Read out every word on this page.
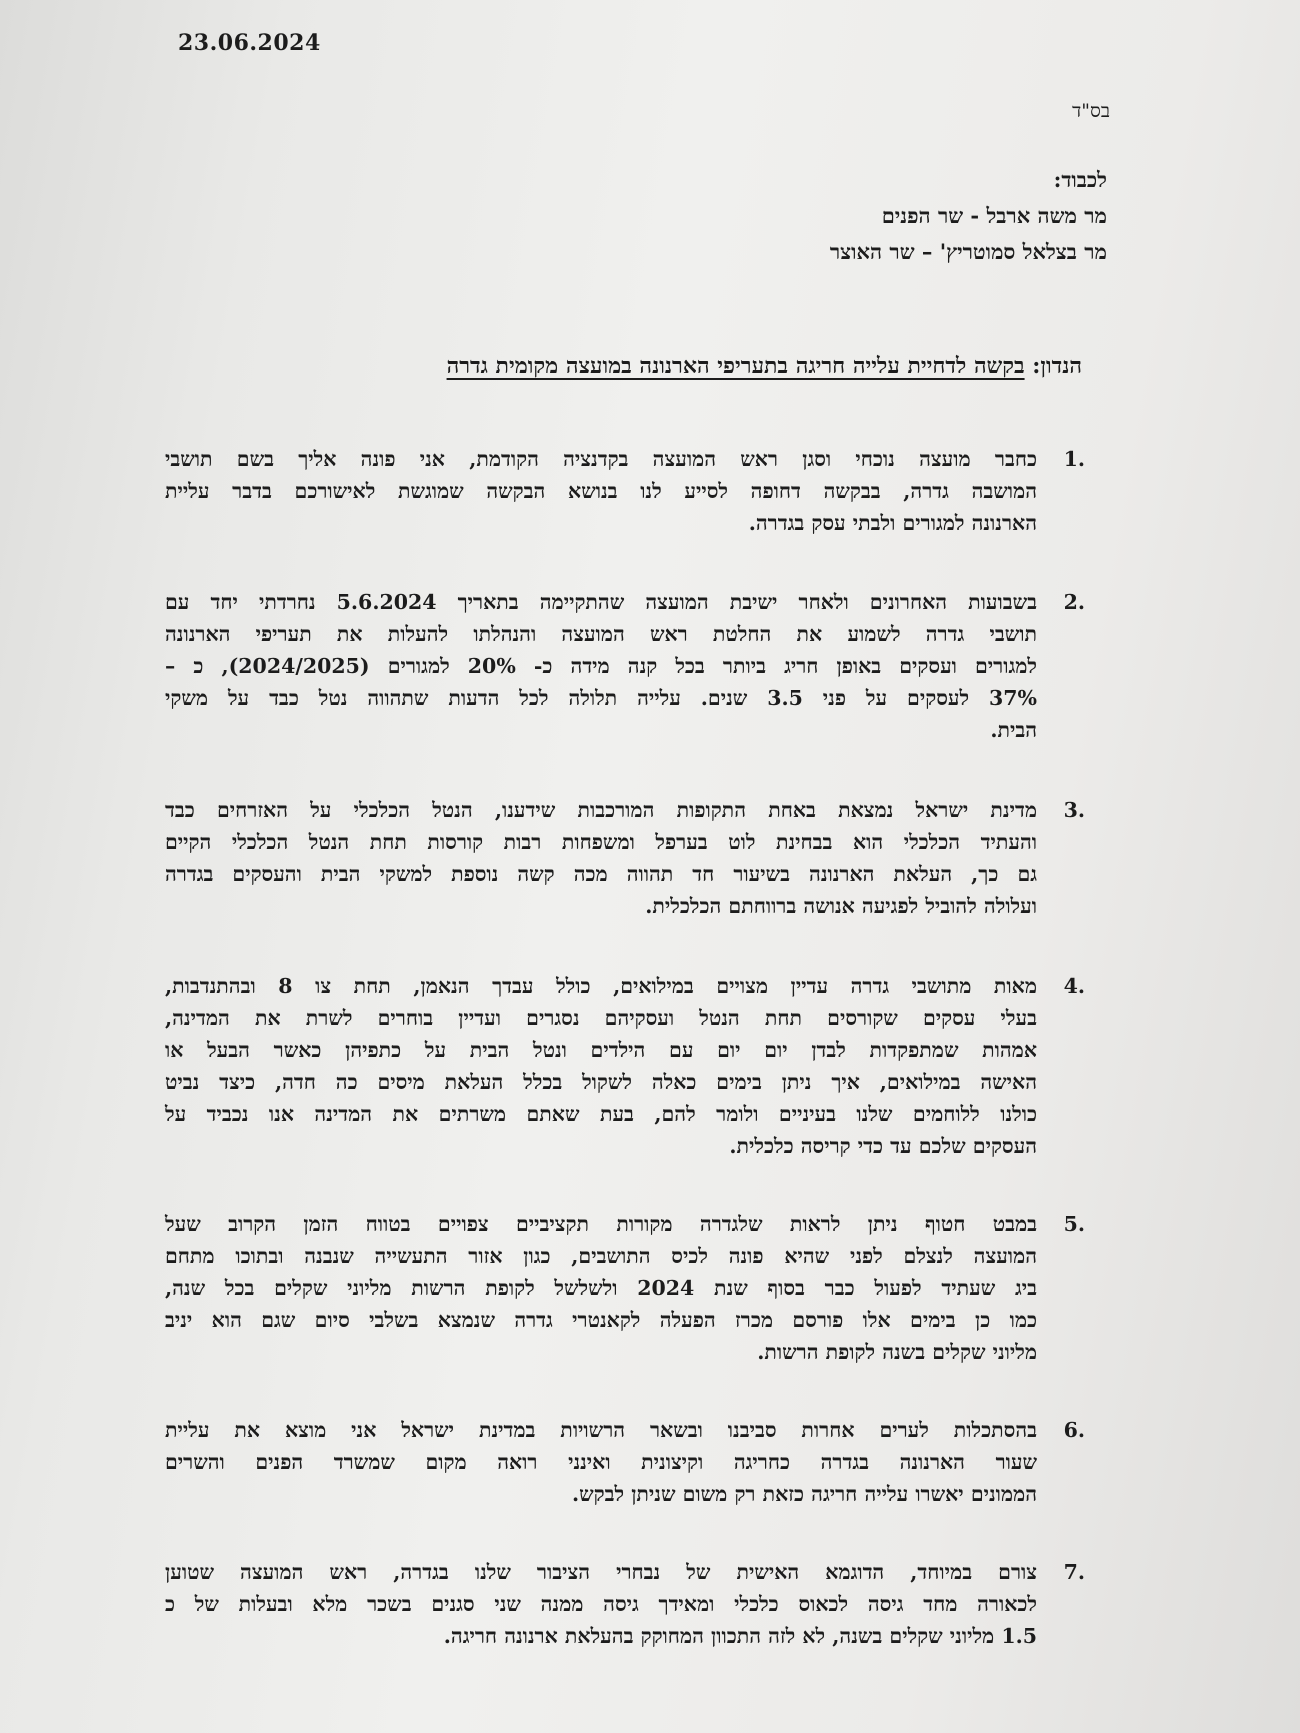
23.06.2024
בס"ד
לכבוד:
מר משה ארבל - שר הפנים
מר בצלאל סמוטריץ' – שר האוצר
הנדון: בקשה לדחיית עלייה חריגה בתעריפי הארנונה במועצה מקומית גדרה
1.
כחבר מועצה נוכחי וסגן ראש המועצה בקדנציה הקודמת, אני פונה אליך בשם תושבי
המושבה גדרה, בבקשה דחופה לסייע לנו בנושא הבקשה שמוגשת לאישורכם בדבר עליית
הארנונה למגורים ולבתי עסק בגדרה.
2.
בשבועות האחרונים ולאחר ישיבת המועצה שהתקיימה בתאריך 5.6.2024 נחרדתי יחד עם
תושבי גדרה לשמוע את החלטת ראש המועצה והנהלתו להעלות את תעריפי הארנונה
למגורים ועסקים באופן חריג ביותר בכל קנה מידה כ- 20% למגורים (2024/2025), כ –
37% לעסקים על פני 3.5 שנים. עלייה תלולה לכל הדעות שתהווה נטל כבד על משקי
הבית.
3.
מדינת ישראל נמצאת באחת התקופות המורכבות שידענו, הנטל הכלכלי על האזרחים כבד
והעתיד הכלכלי הוא בבחינת לוט בערפל ומשפחות רבות קורסות תחת הנטל הכלכלי הקיים
גם כך, העלאת הארנונה בשיעור חד תהווה מכה קשה נוספת למשקי הבית והעסקים בגדרה
ועלולה להוביל לפגיעה אנושה ברווחתם הכלכלית.
4.
מאות מתושבי גדרה עדיין מצויים במילואים, כולל עבדך הנאמן, תחת צו 8 ובהתנדבות,
בעלי עסקים שקורסים תחת הנטל ועסקיהם נסגרים ועדיין בוחרים לשרת את המדינה,
אמהות שמתפקדות לבדן יום יום עם הילדים ונטל הבית על כתפיהן כאשר הבעל או
האישה במילואים, איך ניתן בימים כאלה לשקול בכלל העלאת מיסים כה חדה, כיצד נביט
כולנו ללוחמים שלנו בעיניים ולומר להם, בעת שאתם משרתים את המדינה אנו נכביד על
העסקים שלכם עד כדי קריסה כלכלית.
5.
במבט חטוף ניתן לראות שלגדרה מקורות תקציביים צפויים בטווח הזמן הקרוב שעל
המועצה לנצלם לפני שהיא פונה לכיס התושבים, כגון אזור התעשייה שנבנה ובתוכו מתחם
ביג שעתיד לפעול כבר בסוף שנת 2024 ולשלשל לקופת הרשות מליוני שקלים בכל שנה,
כמו כן בימים אלו פורסם מכרז הפעלה לקאנטרי גדרה שנמצא בשלבי סיום שגם הוא יניב
מליוני שקלים בשנה לקופת הרשות.
6.
בהסתכלות לערים אחרות סביבנו ובשאר הרשויות במדינת ישראל אני מוצא את עליית
שעור הארנונה בגדרה כחריגה וקיצונית ואינני רואה מקום שמשרד הפנים והשרים
הממונים יאשרו עלייה חריגה כזאת רק משום שניתן לבקש.
7.
צורם במיוחד, הדוגמא האישית של נבחרי הציבור שלנו בגדרה, ראש המועצה שטוען
לכאורה מחד גיסה לכאוס כלכלי ומאידך גיסה ממנה שני סגנים בשכר מלא ובעלות של כ
1.5 מליוני שקלים בשנה, לא לזה התכוון המחוקק בהעלאת ארנונה חריגה.
